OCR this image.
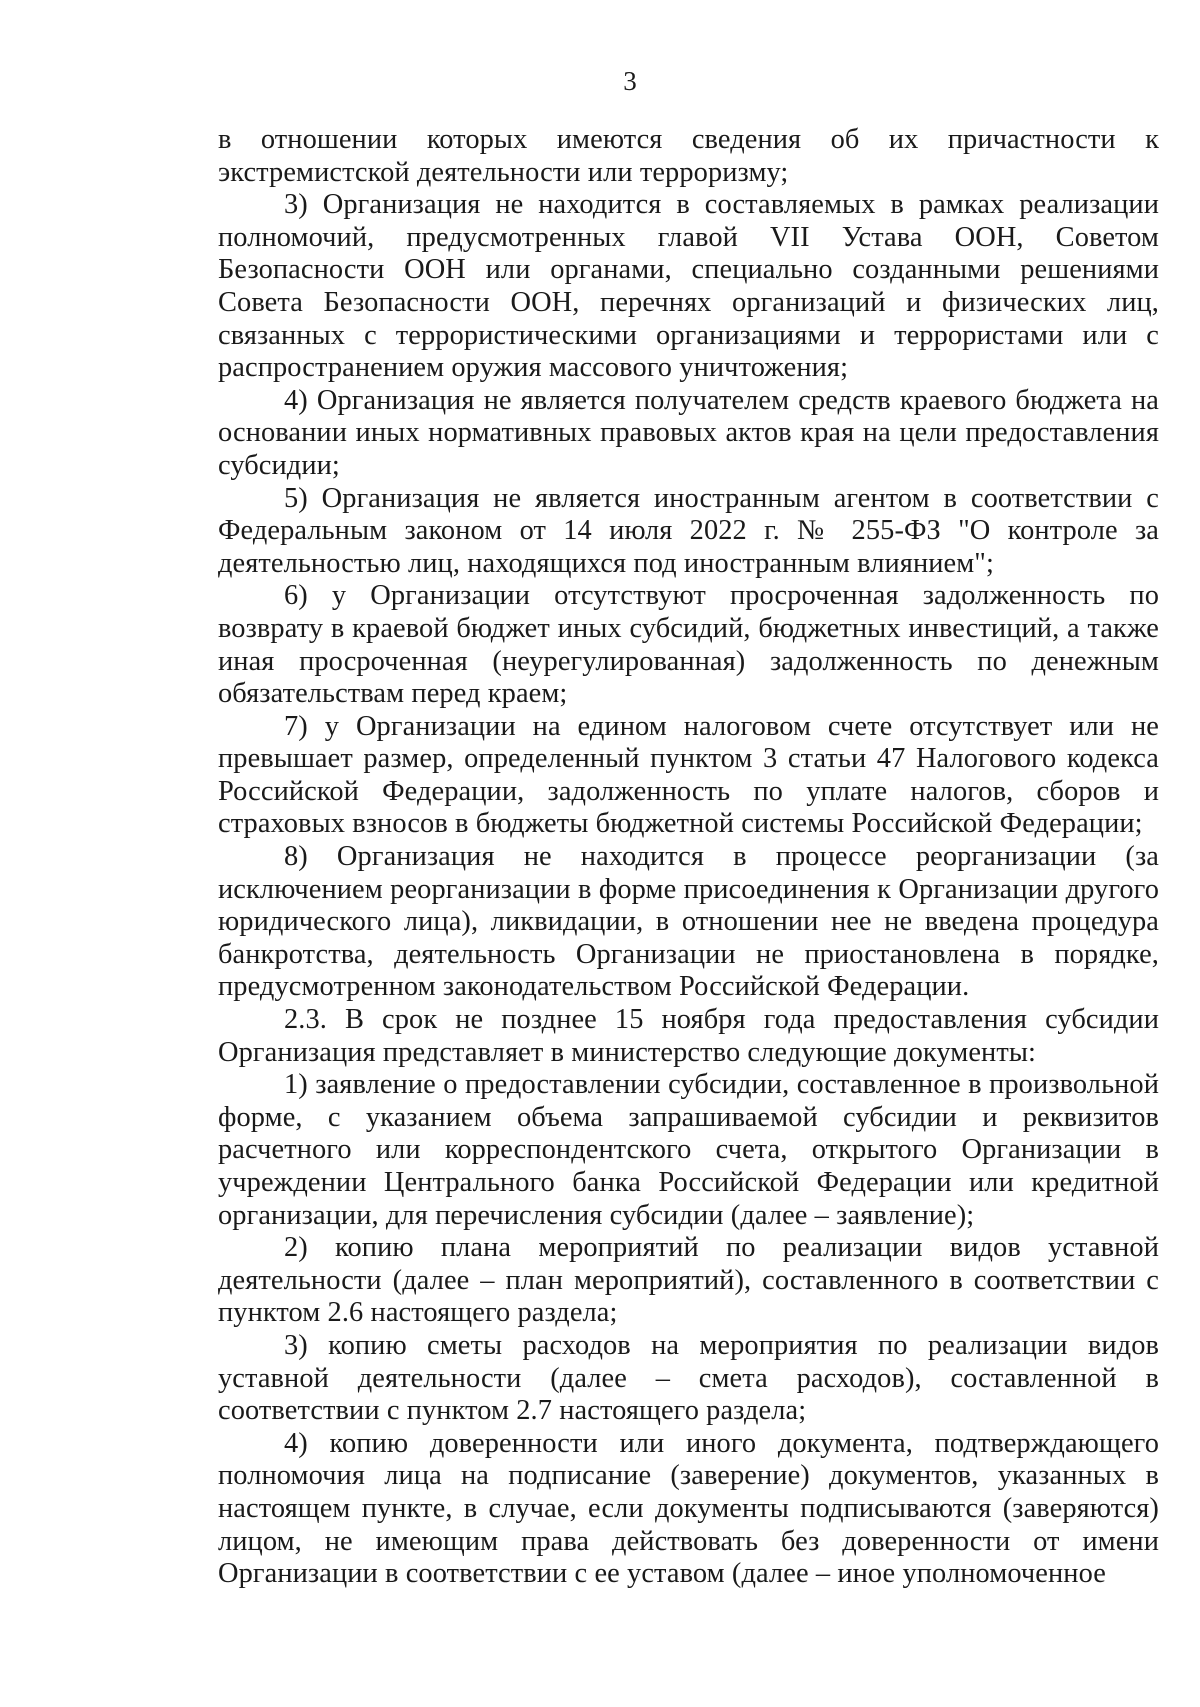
3

в отношении которых имеются сведения об их причастности к экстремистской деятельности или терроризму;

3) Организация не находится в составляемых в рамках реализации полномочий, предусмотренных главой VII Устава ООН, Советом Безопасности ООН или органами, специально созданными решениями Совета Безопасности ООН, перечнях организаций и физических лиц, связанных с террористическими организациями и террористами или с распространением оружия массового уничтожения;

4) Организация не является получателем средств краевого бюджета на основании иных нормативных правовых актов края на цели предоставления субсидии;

5) Организация не является иностранным агентом в соответствии с Федеральным законом от 14 июля 2022 г. № 255-ФЗ "О контроле за деятельностью лиц, находящихся под иностранным влиянием";

6) у Организации отсутствуют просроченная задолженность по возврату в краевой бюджет иных субсидий, бюджетных инвестиций, а также иная просроченная (неурегулированная) задолженность по денежным обязательствам перед краем;

7) у Организации на едином налоговом счете отсутствует или не превышает размер, определенный пунктом 3 статьи 47 Налогового кодекса Российской Федерации, задолженность по уплате налогов, сборов и страховых взносов в бюджеты бюджетной системы Российской Федерации;

8) Организация не находится в процессе реорганизации (за исключением реорганизации в форме присоединения к Организации другого юридического лица), ликвидации, в отношении нее не введена процедура банкротства, деятельность Организации не приостановлена в порядке, предусмотренном законодательством Российской Федерации.

2.3. В срок не позднее 15 ноября года предоставления субсидии Организация представляет в министерство следующие документы:

1) заявление о предоставлении субсидии, составленное в произвольной форме, с указанием объема запрашиваемой субсидии и реквизитов расчетного или корреспондентского счета, открытого Организации в учреждении Центрального банка Российской Федерации или кредитной организации, для перечисления субсидии (далее – заявление);

2) копию плана мероприятий по реализации видов уставной деятельности (далее – план мероприятий), составленного в соответствии с пунктом 2.6 настоящего раздела;

3) копию сметы расходов на мероприятия по реализации видов уставной деятельности (далее – смета расходов), составленной в соответствии с пунктом 2.7 настоящего раздела;

4) копию доверенности или иного документа, подтверждающего полномочия лица на подписание (заверение) документов, указанных в настоящем пункте, в случае, если документы подписываются (заверяются) лицом, не имеющим права действовать без доверенности от имени Организации в соответствии с ее уставом (далее – иное уполномоченное
